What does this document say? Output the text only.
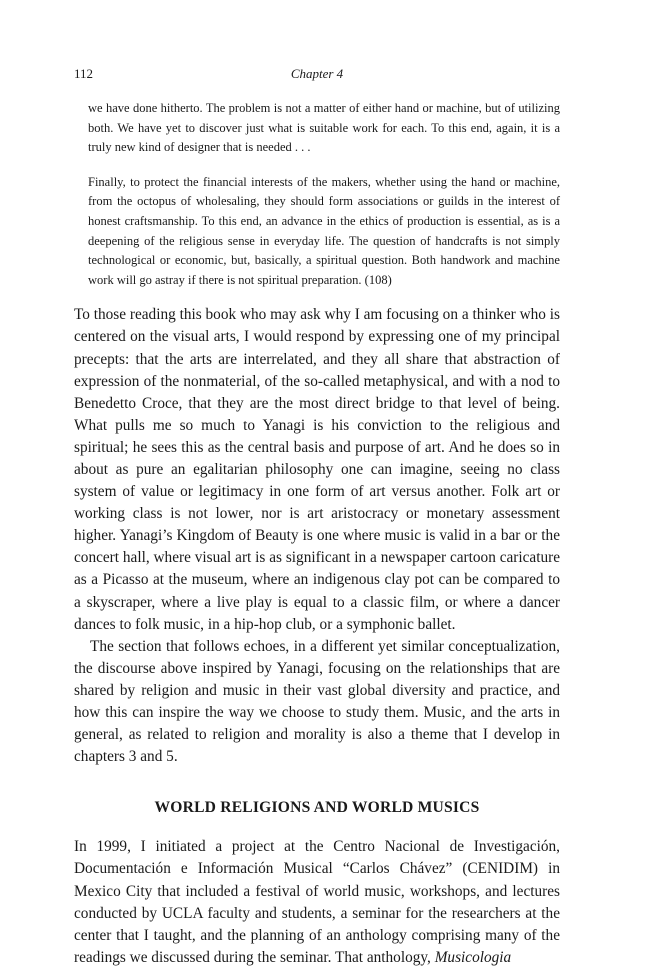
112	Chapter 4

we have done hitherto. The problem is not a matter of either hand or machine, but of utilizing both. We have yet to discover just what is suitable work for each. To this end, again, it is a truly new kind of designer that is needed . . .

Finally, to protect the financial interests of the makers, whether using the hand or machine, from the octopus of wholesaling, they should form associations or guilds in the interest of honest craftsmanship. To this end, an advance in the ethics of production is essential, as is a deepening of the religious sense in everyday life. The question of handcrafts is not simply technological or economic, but, basically, a spiritual question. Both handwork and machine work will go astray if there is not spiritual preparation. (108)

To those reading this book who may ask why I am focusing on a thinker who is centered on the visual arts, I would respond by expressing one of my principal precepts: that the arts are interrelated, and they all share that abstraction of expression of the nonmaterial, of the so-called metaphysical, and with a nod to Benedetto Croce, that they are the most direct bridge to that level of being. What pulls me so much to Yanagi is his conviction to the religious and spiritual; he sees this as the central basis and purpose of art. And he does so in about as pure an egalitarian philosophy one can imagine, seeing no class system of value or legitimacy in one form of art versus another. Folk art or working class is not lower, nor is art aristocracy or monetary assessment higher. Yanagi’s Kingdom of Beauty is one where music is valid in a bar or the concert hall, where visual art is as significant in a newspaper cartoon caricature as a Picasso at the museum, where an indigenous clay pot can be compared to a skyscraper, where a live play is equal to a classic film, or where a dancer dances to folk music, in a hip-hop club, or a symphonic ballet.

The section that follows echoes, in a different yet similar conceptualization, the discourse above inspired by Yanagi, focusing on the relationships that are shared by religion and music in their vast global diversity and practice, and how this can inspire the way we choose to study them. Music, and the arts in general, as related to religion and morality is also a theme that I develop in chapters 3 and 5.

WORLD RELIGIONS AND WORLD MUSICS

In 1999, I initiated a project at the Centro Nacional de Investigación, Documentación e Información Musical “Carlos Chávez” (CENIDIM) in Mexico City that included a festival of world music, workshops, and lectures conducted by UCLA faculty and students, a seminar for the researchers at the center that I taught, and the planning of an anthology comprising many of the readings we discussed during the seminar. That anthology, Musicologia
